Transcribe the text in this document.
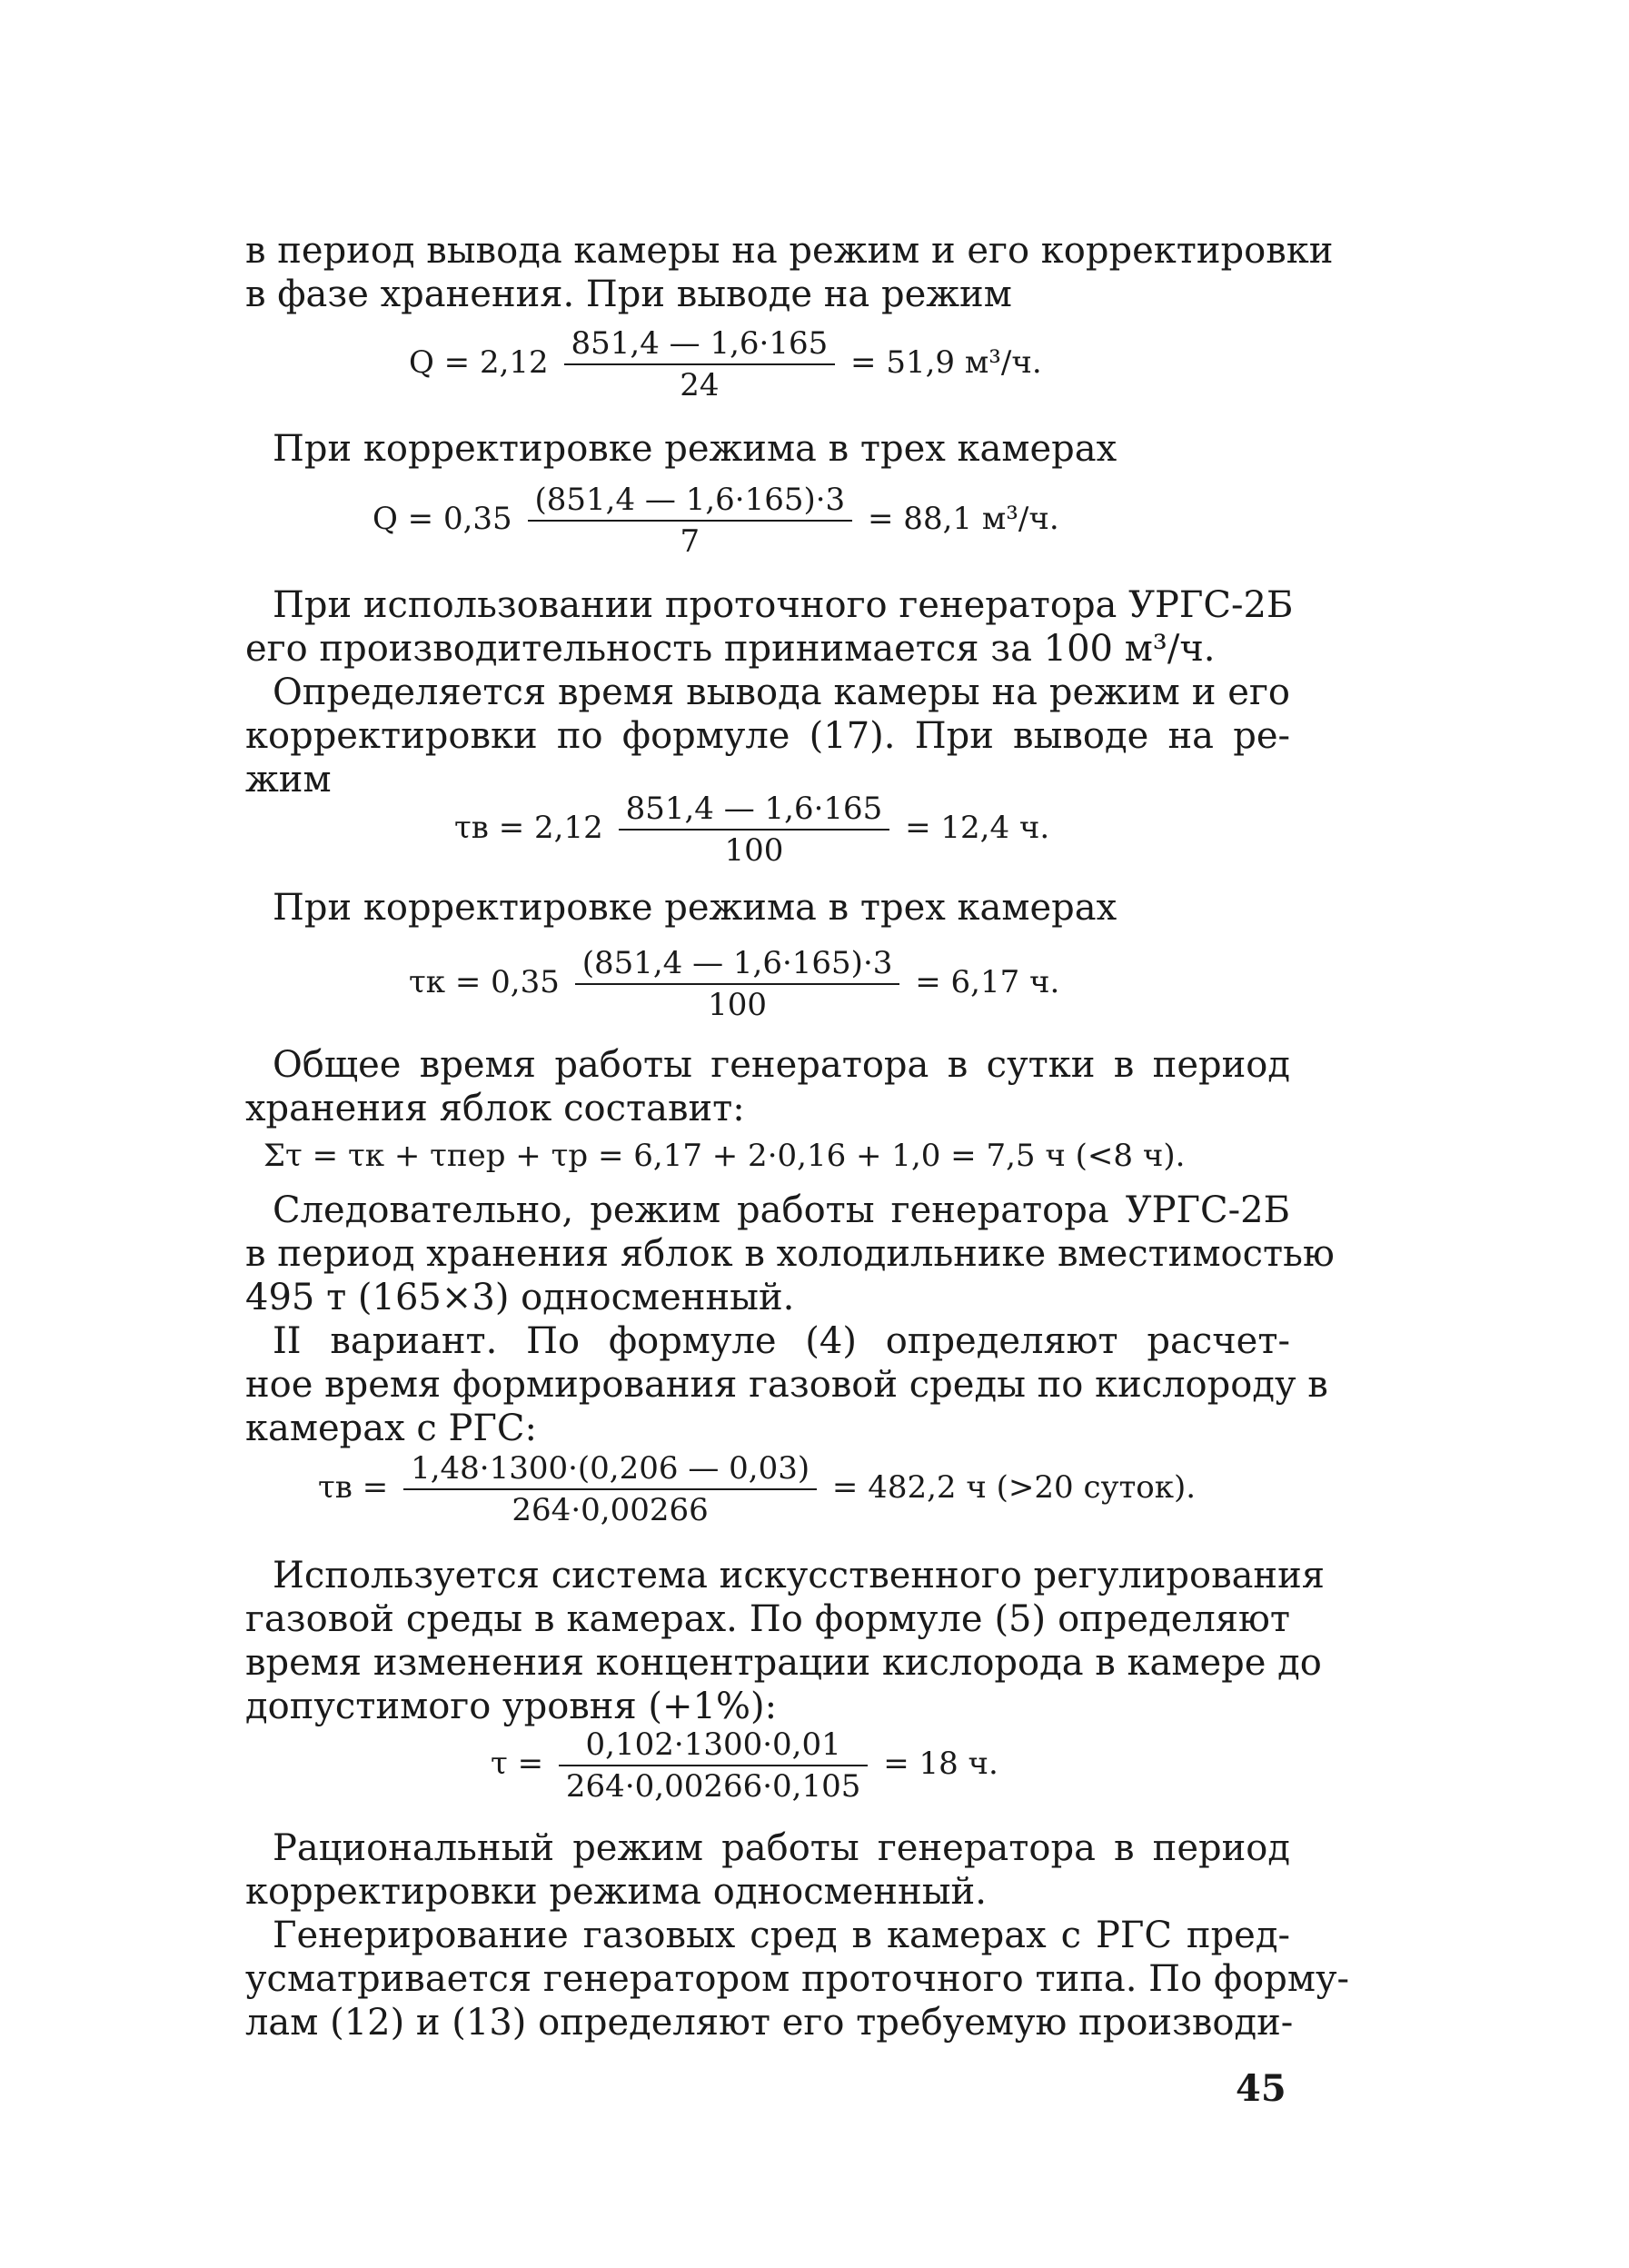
в период вывода камеры на режим и его корректировки
в фазе хранения. При выводе на режим
$Q = 2,12 \frac{851,4 — 1,6\cdot 165}{24} = 51,9$ м³/ч.
При корректировке режима в трех камерах
$Q = 0,35 \frac{(851,4 — 1,6\cdot 165)\cdot 3}{7} = 88,1$ м³/ч.
При использовании проточного генератора УРГС-2Б
его производительность принимается за 100 м³/ч.
Определяется время вывода камеры на режим и его
корректировки по формуле (17). При выводе на ре-
жим
$\tau в = 2,12 \frac{851,4 — 1,6\cdot 165}{100} = 12,4$ ч.
При корректировке режима в трех камерах
$\tau к = 0,35 \frac{(851,4 — 1,6\cdot 165)\cdot 3}{100} = 6,17$ ч.
Общее время работы генератора в сутки в период
хранения яблок составит:
Στ = τк + τпер + τр = 6,17 + 2·0,16 + 1,0 = 7,5 ч (<8 ч).
Следовательно, режим работы генератора УРГС-2Б
в период хранения яблок в холодильнике вместимостью
495 т (165×3) односменный.
II вариант. По формуле (4) определяют расчет-
ное время формирования газовой среды по кислороду в
камерах с РГС:
$\tau в = \frac{1,48\cdot 1300\cdot(0,206 — 0,03)}{264\cdot 0,00266} = 482,2$ ч (>20 суток).
Используется система искусственного регулирования
газовой среды в камерах. По формуле (5) определяют
время изменения концентрации кислорода в камере до
допустимого уровня (+1%):
$\tau = \frac{0,102\cdot 1300\cdot 0,01}{264\cdot 0,00266\cdot 0,105} = 18$ ч.
Рациональный режим работы генератора в период
корректировки режима односменный.
Генерирование газовых сред в камерах с РГС пред-
усматривается генератором проточного типа. По форму-
лам (12) и (13) определяют его требуемую производи-
45
